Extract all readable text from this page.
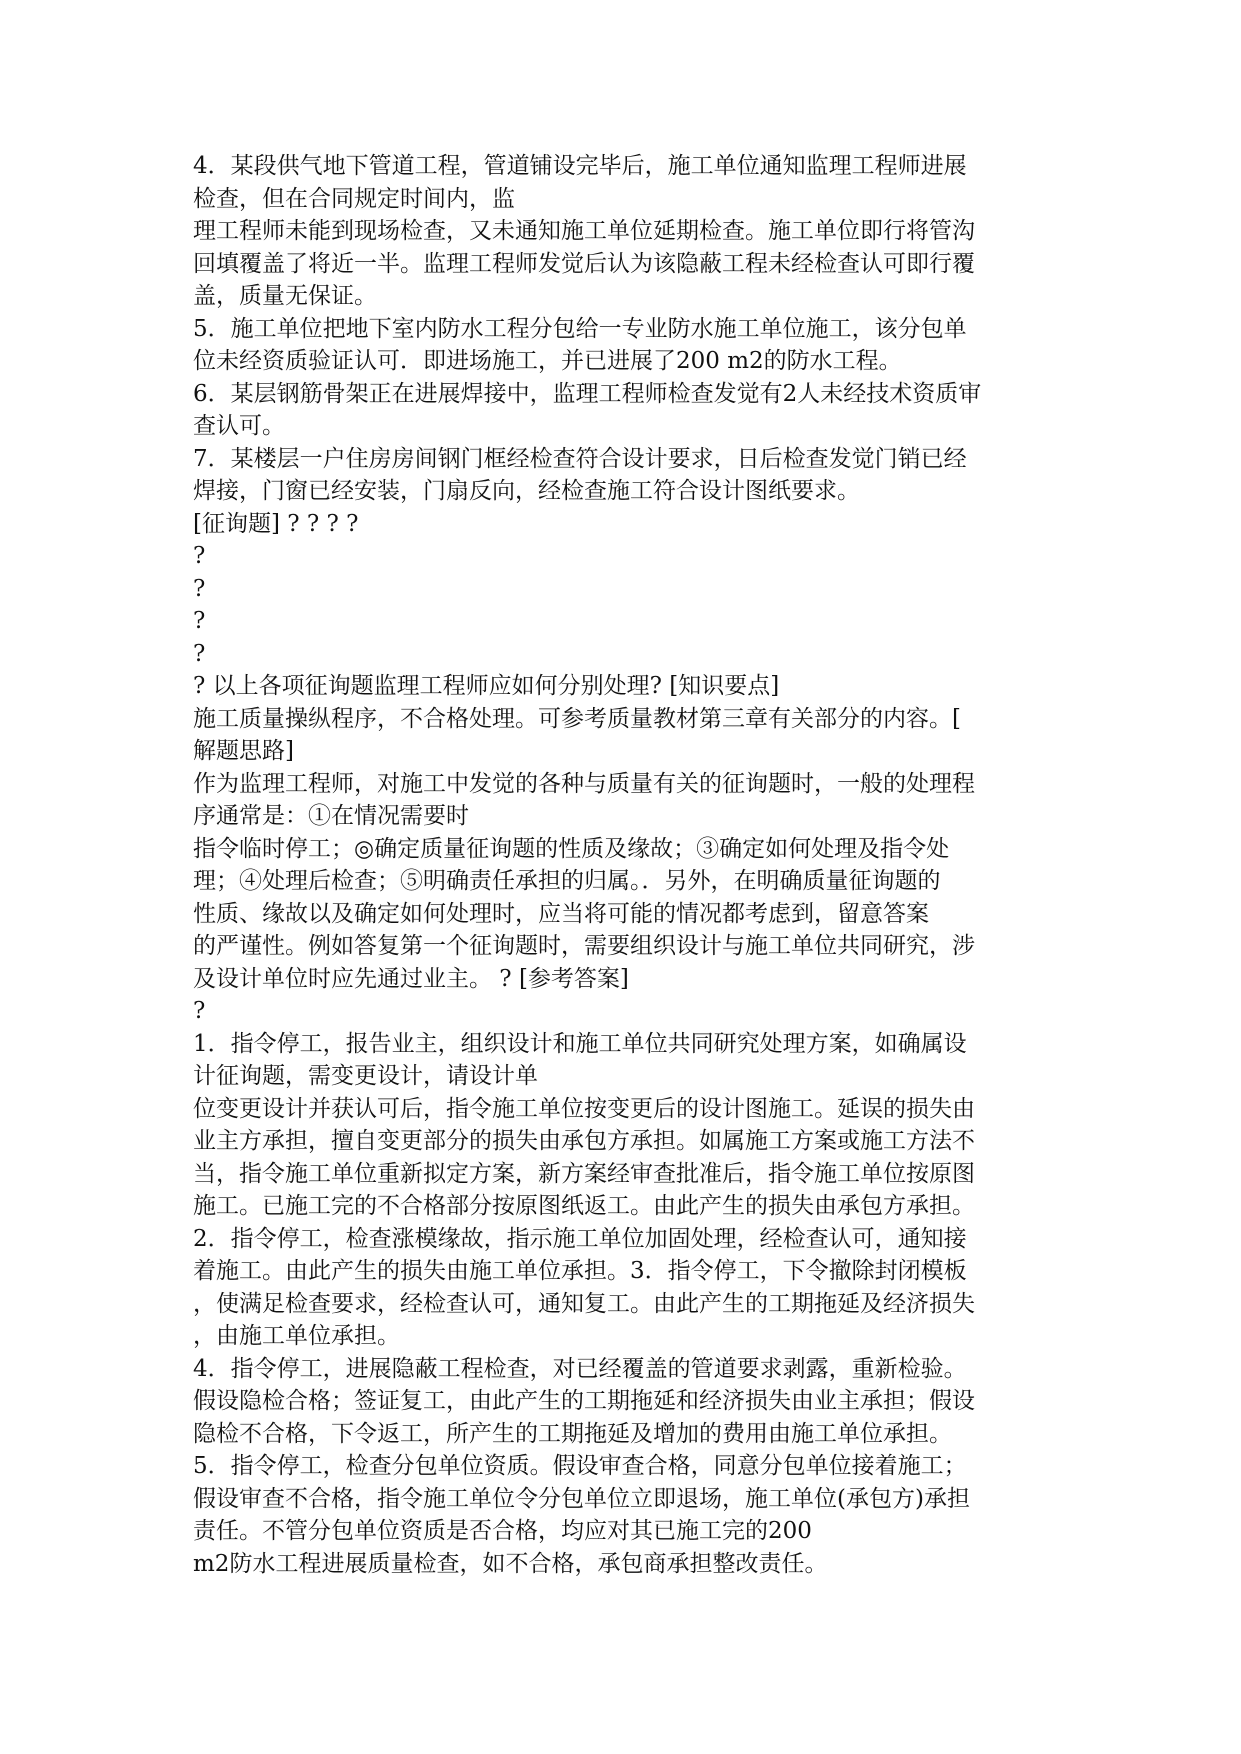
4．某段供气地下管道工程，管道铺设完毕后，施工单位通知监理工程师进展
检查，但在合同规定时间内，监
理工程师未能到现场检查，又未通知施工单位延期检查。施工单位即行将管沟
回填覆盖了将近一半。监理工程师发觉后认为该隐蔽工程未经检查认可即行覆
盖，质量无保证。
5．施工单位把地下室内防水工程分包给一专业防水施工单位施工，该分包单
位未经资质验证认可．即进场施工，并已进展了200 m2的防水工程。
6．某层钢筋骨架正在进展焊接中，监理工程师检查发觉有2人未经技术资质审
查认可。
7．某楼层一户住房房间钢门框经检查符合设计要求，日后检查发觉门销已经
焊接，门窗已经安装，门扇反向，经检查施工符合设计图纸要求。
[征询题] ? ? ? ?
?
?
?
?
? 以上各项征询题监理工程师应如何分别处理? [知识要点]
施工质量操纵程序，不合格处理。可参考质量教材第三章有关部分的内容。[
解题思路]
作为监理工程师，对施工中发觉的各种与质量有关的征询题时，一般的处理程
序通常是：①在情况需要时
指令临时停工；◎确定质量征询题的性质及缘故；③确定如何处理及指令处
理；④处理后检查；⑤明确责任承担的归属。．另外，在明确质量征询题的
性质、缘故以及确定如何处理时，应当将可能的情况都考虑到，留意答案
的严谨性。例如答复第一个征询题时，需要组织设计与施工单位共同研究，涉
及设计单位时应先通过业主。 ? [参考答案]
?
1．指令停工，报告业主，组织设计和施工单位共同研究处理方案，如确属设
计征询题，需变更设计，请设计单
位变更设计并获认可后，指令施工单位按变更后的设计图施工。延误的损失由
业主方承担，擅自变更部分的损失由承包方承担。如属施工方案或施工方法不
当，指令施工单位重新拟定方案，新方案经审查批准后，指令施工单位按原图
施工。已施工完的不合格部分按原图纸返工。由此产生的损失由承包方承担。
2．指令停工，检查涨模缘故，指示施工单位加固处理，经检查认可，通知接
着施工。由此产生的损失由施工单位承担。3．指令停工，下令撤除封闭模板
，使满足检查要求，经检查认可，通知复工。由此产生的工期拖延及经济损失
，由施工单位承担。
4．指令停工，进展隐蔽工程检查，对已经覆盖的管道要求剥露，重新检验。
假设隐检合格；签证复工，由此产生的工期拖延和经济损失由业主承担；假设
隐检不合格，下令返工，所产生的工期拖延及增加的费用由施工单位承担。
5．指令停工，检查分包单位资质。假设审查合格，同意分包单位接着施工；
假设审查不合格，指令施工单位令分包单位立即退场，施工单位(承包方)承担
责任。不管分包单位资质是否合格，均应对其已施工完的200
m2防水工程进展质量检查，如不合格，承包商承担整改责任。
